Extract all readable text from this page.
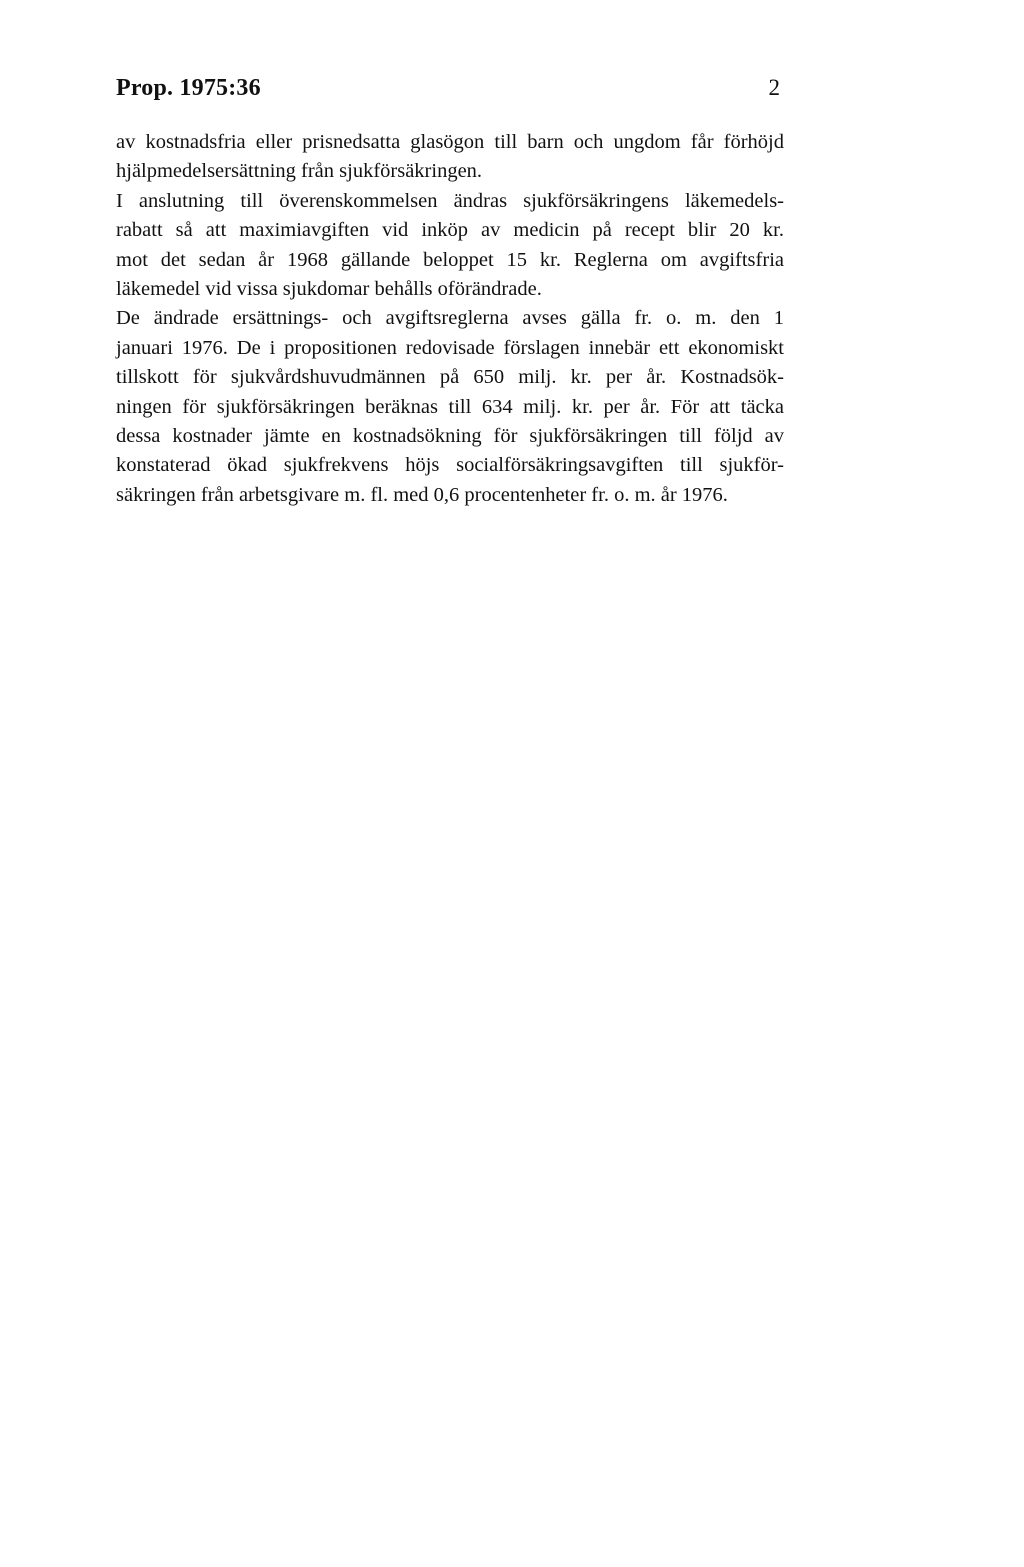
Prop. 1975:36	2
av kostnadsfria eller prisnedsatta glasögon till barn och ungdom får förhöjd
hjälpmedelsersättning från sjukförsäkringen.
I anslutning till överenskommelsen ändras sjukförsäkringens läkemedels-
rabatt så att maximiavgiften vid inköp av medicin på recept blir 20 kr.
mot det sedan år 1968 gällande beloppet 15 kr. Reglerna om avgiftsfria
läkemedel vid vissa sjukdomar behålls oförändrade.
De ändrade ersättnings- och avgiftsreglerna avses gälla fr. o. m. den 1
januari 1976. De i propositionen redovisade förslagen innebär ett ekonomiskt
tillskott för sjukvårdshuvudmännen på 650 milj. kr. per år. Kostnadsök-
ningen för sjukförsäkringen beräknas till 634 milj. kr. per år. För att täcka
dessa kostnader jämte en kostnadsökning för sjukförsäkringen till följd av
konstaterad ökad sjukfrekvens höjs socialförsäkringsavgiften till sjukför-
säkringen från arbetsgivare m. fl. med 0,6 procentenheter fr. o. m. år 1976.
